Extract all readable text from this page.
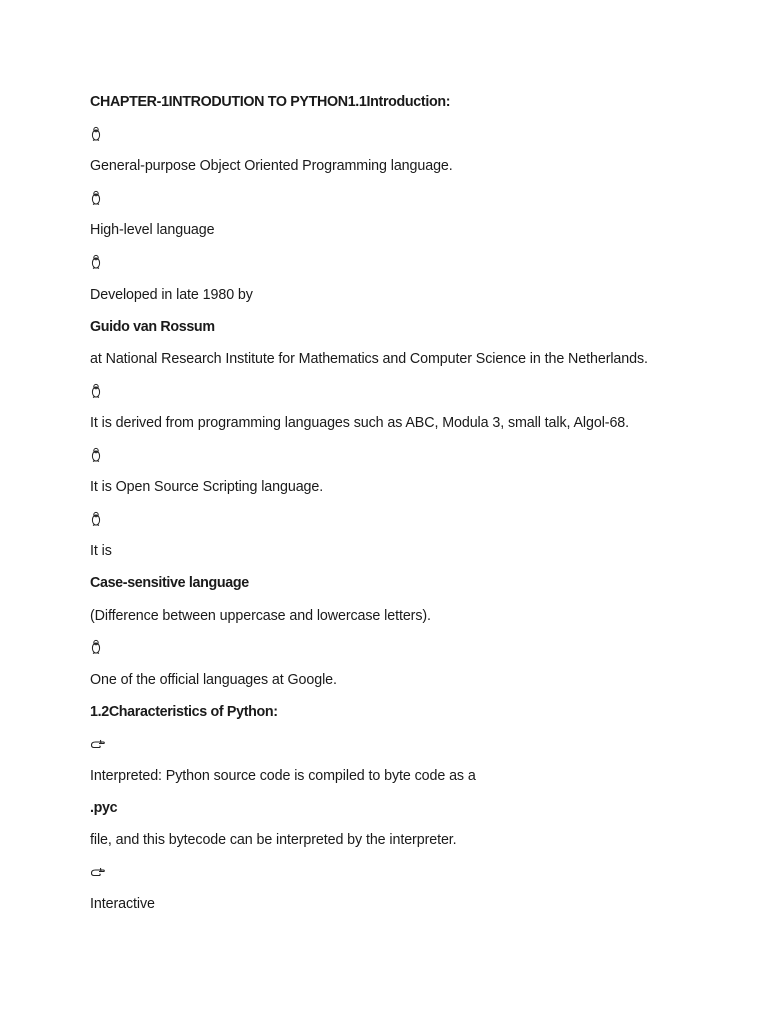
CHAPTER-1INTRODUTION TO PYTHON1.1Introduction:
General-purpose Object Oriented Programming language.
High-level language
Developed in late 1980 by
Guido van Rossum
at National Research Institute for Mathematics and Computer Science in the Netherlands.
It is derived from programming languages such as ABC, Modula 3, small talk, Algol-68.
It is Open Source Scripting language.
It is
Case-sensitive language
(Difference between uppercase and lowercase letters).
One of the official languages at Google.
1.2Characteristics of Python:
Interpreted: Python source code is compiled to byte code as a
.pyc
file, and this bytecode can be interpreted by the interpreter.
Interactive
